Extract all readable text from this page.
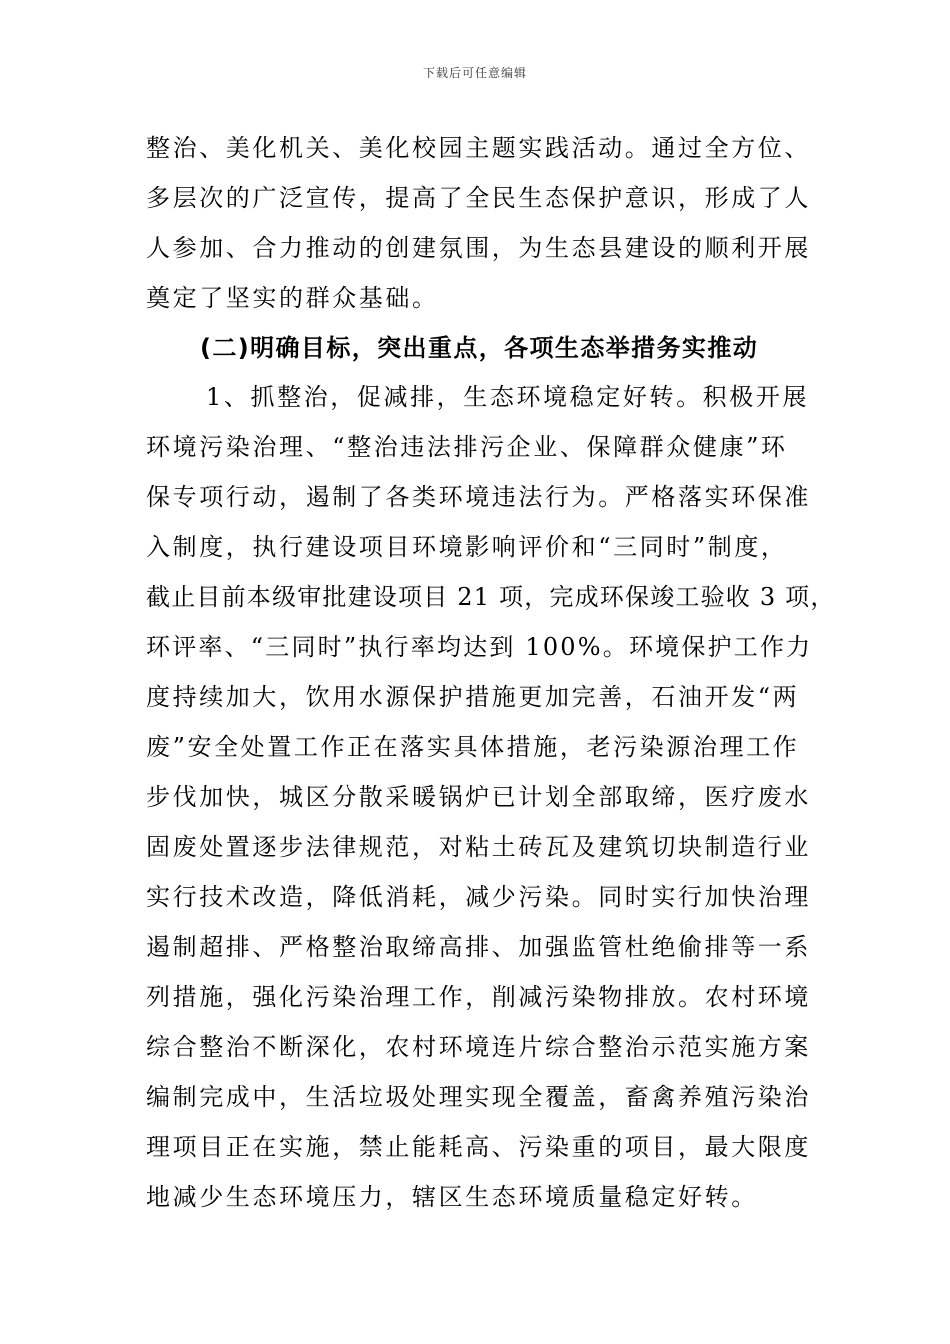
下载后可任意编辑
整治、美化机关、美化校园主题实践活动。通过全方位、
多层次的广泛宣传，提高了全民生态保护意识，形成了人
人参加、合力推动的创建氛围，为生态县建设的顺利开展
奠定了坚实的群众基础。
(二)明确目标，突出重点，各项生态举措务实推动
1、抓整治，促减排，生态环境稳定好转。积极开展
环境污染治理、“整治违法排污企业、保障群众健康”环
保专项行动，遏制了各类环境违法行为。严格落实环保准
入制度，执行建设项目环境影响评价和“三同时”制度，
截止目前本级审批建设项目 21 项，完成环保竣工验收 3 项，
环评率、“三同时”执行率均达到 100%。环境保护工作力
度持续加大，饮用水源保护措施更加完善，石油开发“两
废”安全处置工作正在落实具体措施，老污染源治理工作
步伐加快，城区分散采暖锅炉已计划全部取缔，医疗废水
固废处置逐步法律规范，对粘土砖瓦及建筑切块制造行业
实行技术改造，降低消耗，减少污染。同时实行加快治理
遏制超排、严格整治取缔高排、加强监管杜绝偷排等一系
列措施，强化污染治理工作，削减污染物排放。农村环境
综合整治不断深化，农村环境连片综合整治示范实施方案
编制完成中，生活垃圾处理实现全覆盖，畜禽养殖污染治
理项目正在实施，禁止能耗高、污染重的项目，最大限度
地减少生态环境压力，辖区生态环境质量稳定好转。
